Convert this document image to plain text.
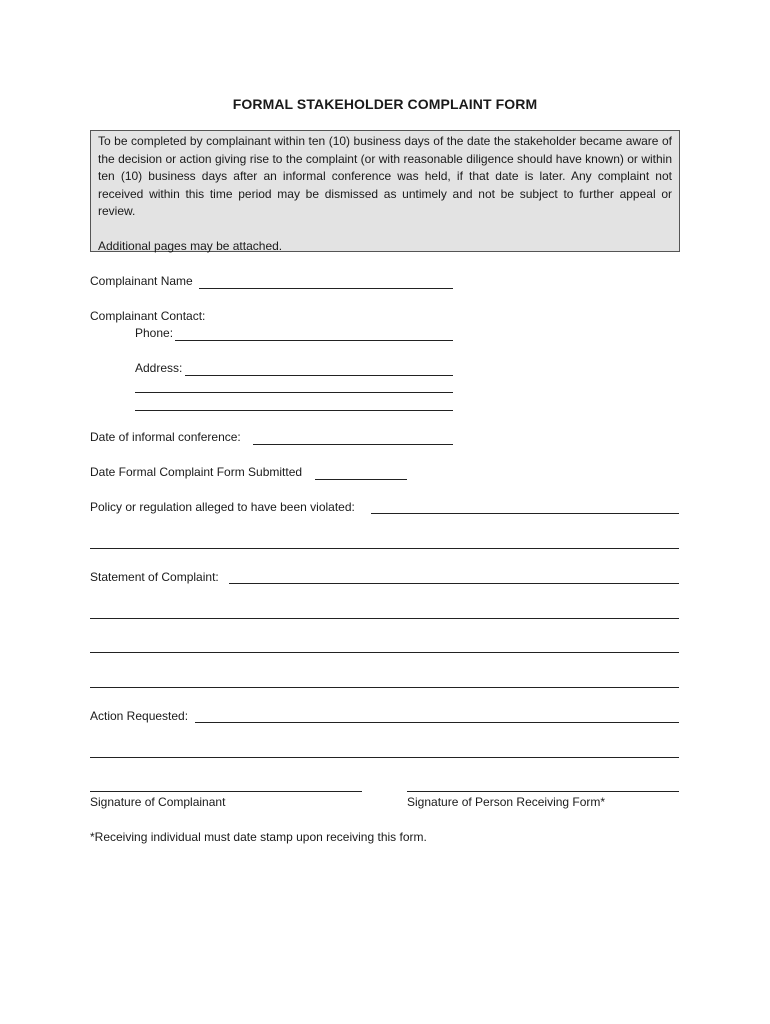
FORMAL STAKEHOLDER COMPLAINT FORM

To be completed by complainant within ten (10) business days of the date the stakeholder became aware of the decision or action giving rise to the complaint (or with reasonable diligence should have known) or within ten (10) business days after an informal conference was held, if that date is later. Any complaint not received within this time period may be dismissed as untimely and not be subject to further appeal or review.

Additional pages may be attached.

Complainant Name
Complainant Contact:
Phone:
Address:
Date of informal conference:
Date Formal Complaint Form Submitted
Policy or regulation alleged to have been violated:
Statement of Complaint:
Action Requested:
Signature of Complainant	Signature of Person Receiving Form*
*Receiving individual must date stamp upon receiving this form.
